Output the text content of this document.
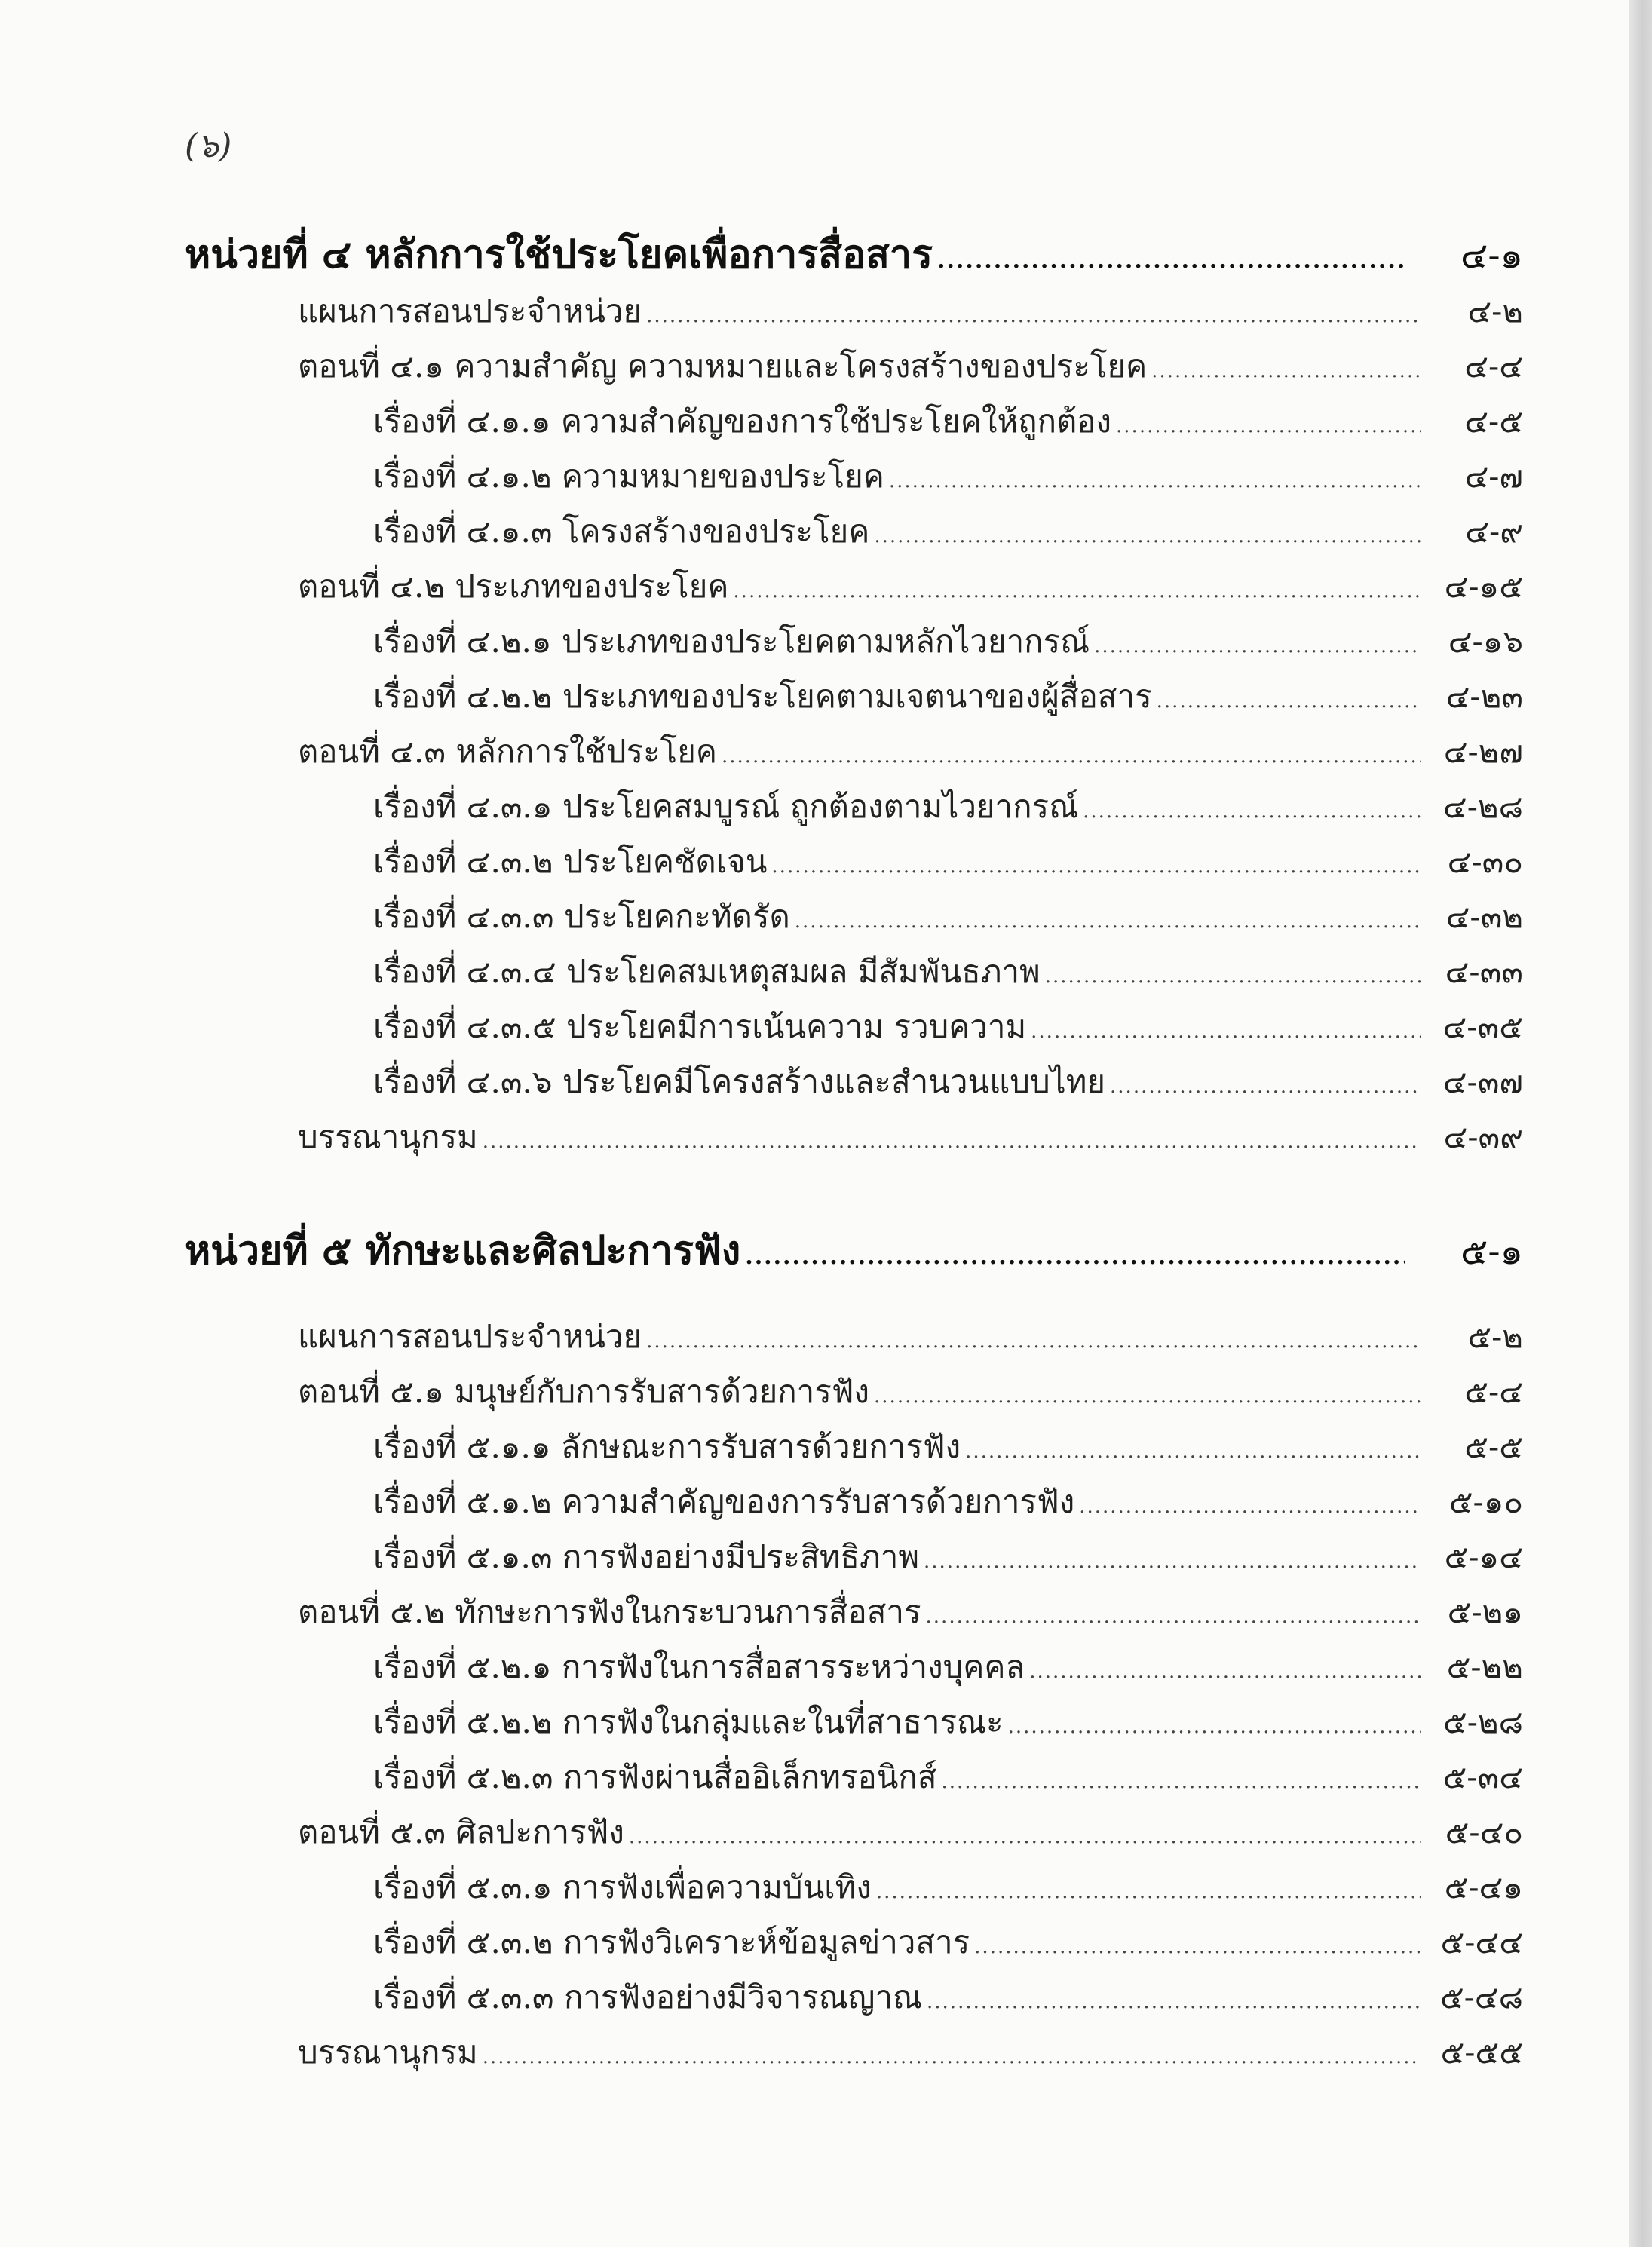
(๖)
หน่วยที่ ๔ หลักการใช้ประโยคเพื่อการสื่อสาร .....	๔-๑
แผนการสอนประจำหน่วย .....	๔-๒
ตอนที่ ๔.๑ ความสำคัญ ความหมายและโครงสร้างของประโยค .....	๔-๔
เรื่องที่ ๔.๑.๑ ความสำคัญของการใช้ประโยคให้ถูกต้อง .....	๔-๕
เรื่องที่ ๔.๑.๒ ความหมายของประโยค .....	๔-๗
เรื่องที่ ๔.๑.๓ โครงสร้างของประโยค .....	๔-๙
ตอนที่ ๔.๒ ประเภทของประโยค .....	๔-๑๕
เรื่องที่ ๔.๒.๑ ประเภทของประโยคตามหลักไวยากรณ์ .....	๔-๑๖
เรื่องที่ ๔.๒.๒ ประเภทของประโยคตามเจตนาของผู้สื่อสาร .....	๔-๒๓
ตอนที่ ๔.๓ หลักการใช้ประโยค .....	๔-๒๗
เรื่องที่ ๔.๓.๑ ประโยคสมบูรณ์ ถูกต้องตามไวยากรณ์ .....	๔-๒๘
เรื่องที่ ๔.๓.๒ ประโยคชัดเจน .....	๔-๓๐
เรื่องที่ ๔.๓.๓ ประโยคกะทัดรัด .....	๔-๓๒
เรื่องที่ ๔.๓.๔ ประโยคสมเหตุสมผล มีสัมพันธภาพ .....	๔-๓๓
เรื่องที่ ๔.๓.๕ ประโยคมีการเน้นความ รวบความ .....	๔-๓๕
เรื่องที่ ๔.๓.๖ ประโยคมีโครงสร้างและสำนวนแบบไทย .....	๔-๓๗
บรรณานุกรม .....	๔-๓๙
หน่วยที่ ๕ ทักษะและศิลปะการฟัง .....	๕-๑
แผนการสอนประจำหน่วย .....	๕-๒
ตอนที่ ๕.๑ มนุษย์กับการรับสารด้วยการฟัง .....	๕-๔
เรื่องที่ ๕.๑.๑ ลักษณะการรับสารด้วยการฟัง .....	๕-๕
เรื่องที่ ๕.๑.๒ ความสำคัญของการรับสารด้วยการฟัง .....	๕-๑๐
เรื่องที่ ๕.๑.๓ การฟังอย่างมีประสิทธิภาพ .....	๕-๑๔
ตอนที่ ๕.๒ ทักษะการฟังในกระบวนการสื่อสาร .....	๕-๒๑
เรื่องที่ ๕.๒.๑ การฟังในการสื่อสารระหว่างบุคคล .....	๕-๒๒
เรื่องที่ ๕.๒.๒ การฟังในกลุ่มและในที่สาธารณะ .....	๕-๒๘
เรื่องที่ ๕.๒.๓ การฟังผ่านสื่ออิเล็กทรอนิกส์ .....	๕-๓๔
ตอนที่ ๕.๓ ศิลปะการฟัง .....	๕-๔๐
เรื่องที่ ๕.๓.๑ การฟังเพื่อความบันเทิง .....	๕-๔๑
เรื่องที่ ๕.๓.๒ การฟังวิเคราะห์ข้อมูลข่าวสาร .....	๕-๔๔
เรื่องที่ ๕.๓.๓ การฟังอย่างมีวิจารณญาณ .....	๕-๔๘
บรรณานุกรม .....	๕-๕๕
